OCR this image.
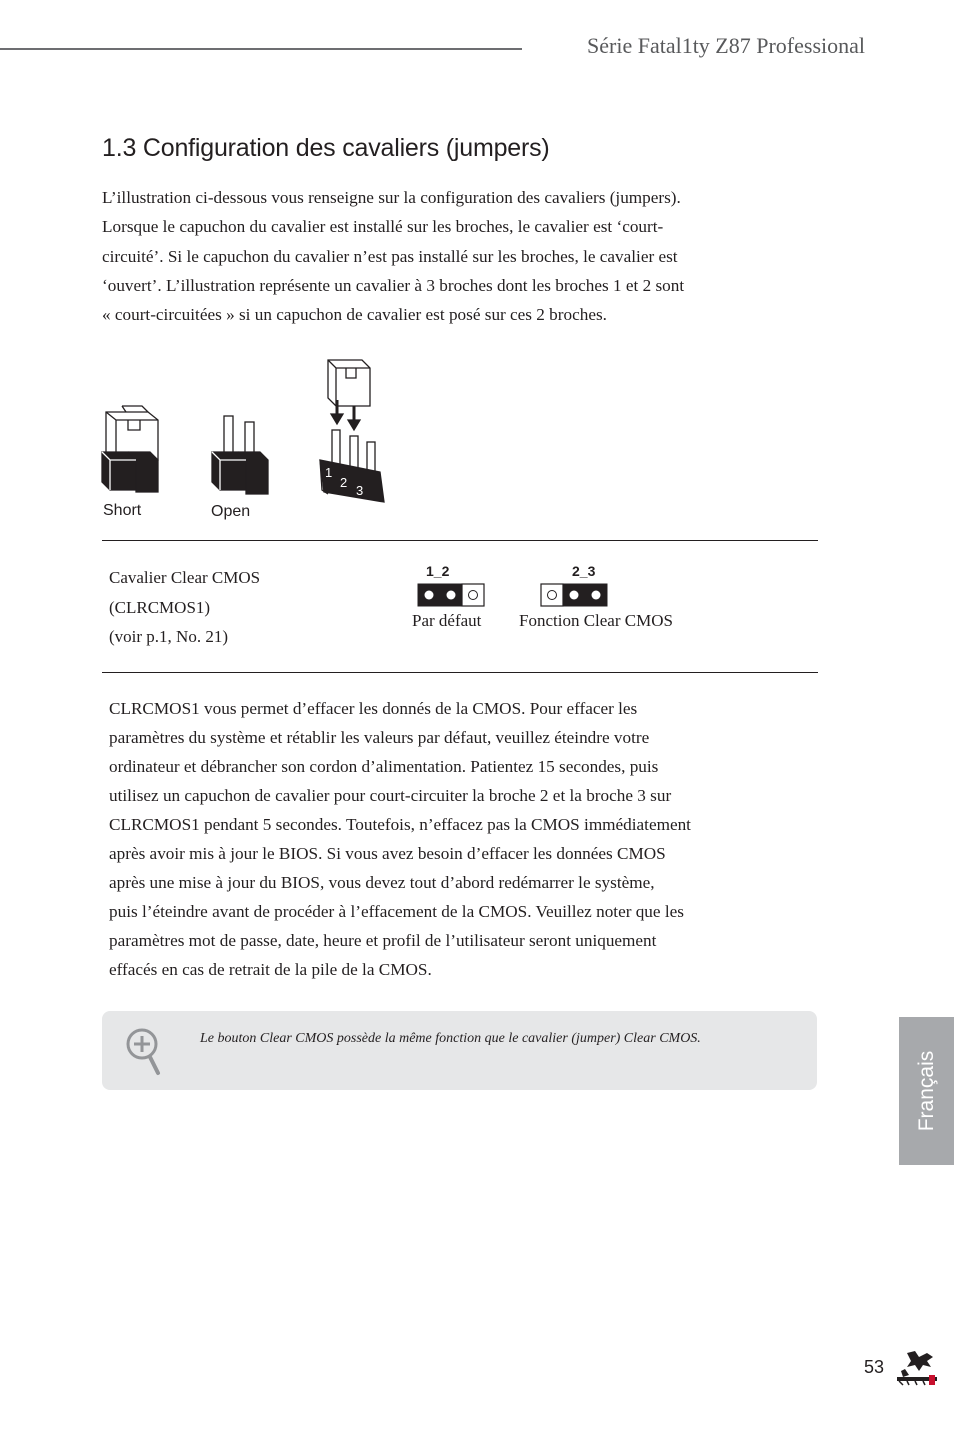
Série Fatal1ty Z87 Professional
1.3 Configuration des cavaliers (jumpers)

L’illustration ci-dessous vous renseigne sur la configuration des cavaliers (jumpers).

Lorsque le capuchon du cavalier est installé sur les broches, le cavalier est ‘court-

circuité’. Si le capuchon du cavalier n’est pas installé sur les broches, le cavalier est

‘ouvert’. L’illustration représente un cavalier à 3 broches dont les broches 1 et 2 sont

« court-circuitées » si un capuchon de cavalier est posé sur ces 2 broches.

Short	Open
1
2
3
Cavalier Clear CMOS
(CLRCMOS1)
(voir p.1, No. 21)
1_2
Par défaut
2_3
Fonction Clear CMOS

CLRCMOS1 vous permet d’effacer les donnés de la CMOS. Pour effacer les

paramètres du système et rétablir les valeurs par défaut, veuillez éteindre votre

ordinateur et débrancher son cordon d’alimentation. Patientez 15 secondes, puis

utilisez un capuchon de cavalier pour court-circuiter la broche 2 et la broche 3 sur

CLRCMOS1 pendant 5 secondes. Toutefois, n’effacez pas la CMOS immédiatement

après avoir mis à jour le BIOS. Si vous avez besoin d’effacer les données CMOS

après une mise à jour du BIOS, vous devez tout d’abord redémarrer le système,

puis l’éteindre avant de procéder à l’effacement de la CMOS. Veuillez noter que les

paramètres mot de passe, date, heure et profil de l’utilisateur seront uniquement

effacés en cas de retrait de la pile de la CMOS.

Le bouton Clear CMOS possède la même fonction que le cavalier (jumper) Clear CMOS.
Français
53
